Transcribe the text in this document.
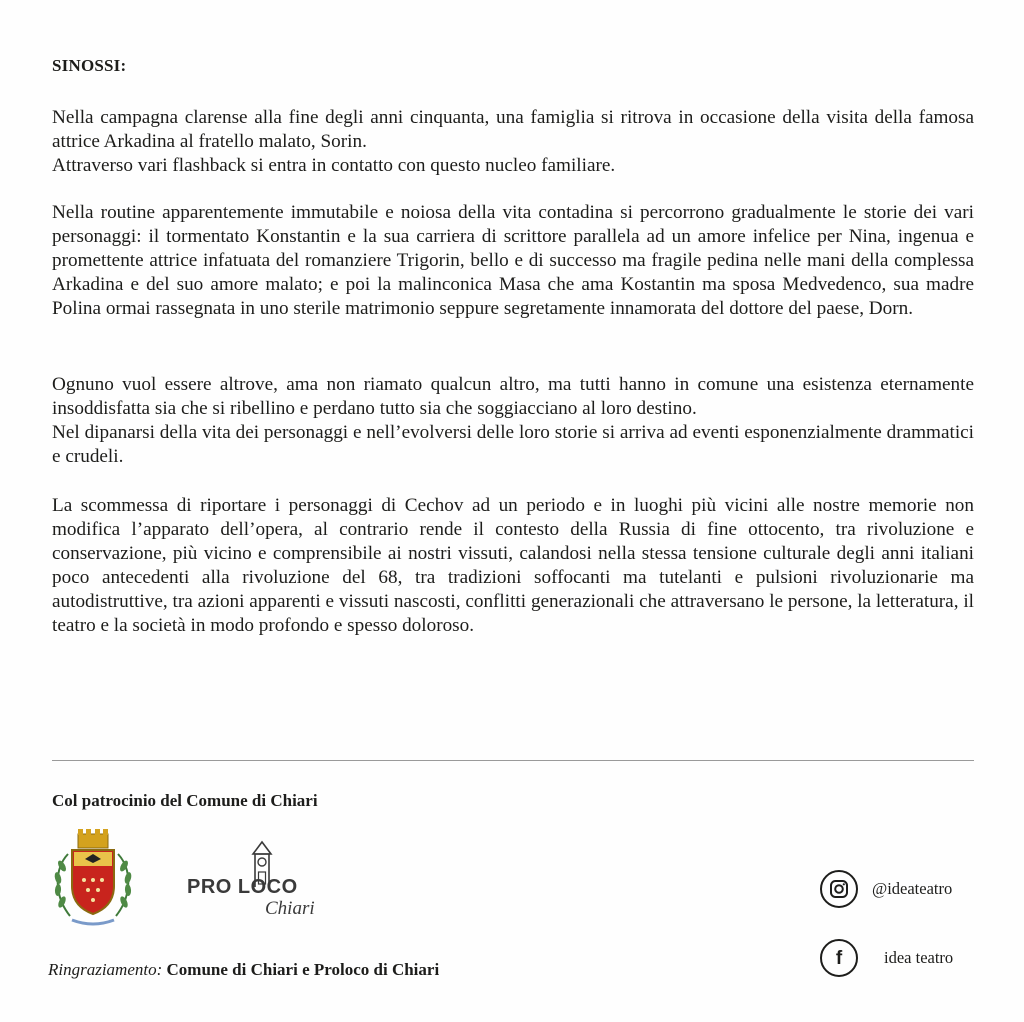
SINOSSI:

Nella campagna clarense alla fine degli anni cinquanta, una famiglia si ritrova in occasione della visita della famosa attrice Arkadina al fratello malato, Sorin.

Attraverso vari flashback si entra in contatto con questo nucleo familiare.

Nella routine apparentemente immutabile e noiosa della vita contadina si percorrono gradualmente le storie dei vari personaggi: il tormentato Konstantin e la sua carriera di scrittore parallela ad un amore infelice per Nina, ingenua e promettente attrice infatuata del romanziere Trigorin, bello e di successo ma fragile pedina nelle mani della complessa Arkadina e del suo amore malato; e poi la malinconica Masa che ama Kostantin ma sposa Medvedenco, sua madre Polina ormai rassegnata in uno sterile matrimonio seppure segretamente innamorata del dottore del paese, Dorn.

Ognuno vuol essere altrove, ama non riamato qualcun altro, ma tutti hanno in comune una esistenza eternamente insoddisfatta sia che si ribellino e perdano tutto sia che soggiacciano al loro destino.

Nel dipanarsi della vita dei personaggi e nell’evolversi delle loro storie si arriva ad eventi esponenzialmente drammatici e crudeli.

La scommessa di riportare i personaggi di Cechov ad un periodo e in luoghi più vicini alle nostre memorie non modifica l’apparato dell’opera, al contrario rende il contesto della Russia di fine ottocento, tra rivoluzione e conservazione, più vicino e comprensibile ai nostri vissuti, calandosi nella stessa tensione culturale degli anni italiani poco antecedenti alla rivoluzione del 68, tra tradizioni soffocanti ma tutelanti e pulsioni rivoluzionarie ma autodistruttive, tra azioni apparenti e vissuti nascosti, conflitti generazionali che attraversano le persone, la letteratura, il teatro e la società in modo profondo e spesso doloroso.

Col patrocinio del Comune di Chiari
PRO LOCO
Chiari
@ideateatro
f	idea teatro
Ringraziamento: Comune di Chiari e Proloco di Chiari
